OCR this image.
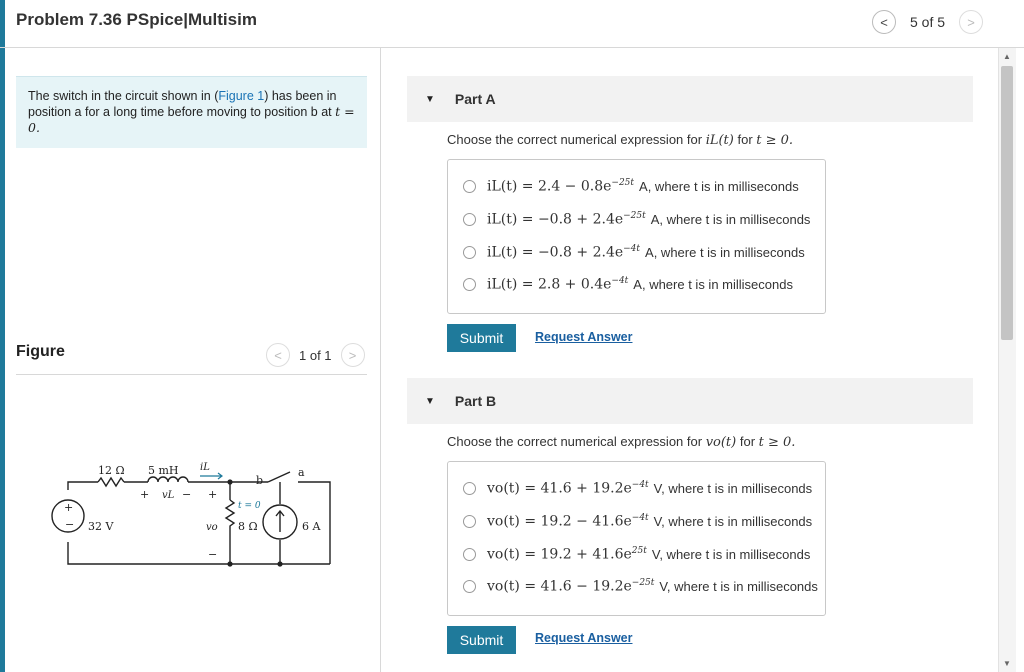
Problem 7.36 PSpice|Multisim	< 5 of 5 >
The switch in the circuit shown in (Figure 1) has been in position a for a long time before moving to position b at t = 0.
Figure	< 1 of 1 >
+
−
12 Ω 5 mH iL
+ vL −
32 V
+
vo
−
8 Ω
t = 0
b
a
6 A
▼ Part A
Choose the correct numerical expression for iL(t) for t ≥ 0.
$iL(t) = 2.4 - 0.8e^{-25t}$ A, where t is in milliseconds
$iL(t) = -0.8 + 2.4e^{-25t}$ A, where t is in milliseconds
$iL(t) = -0.8 + 2.4e^{-4t}$ A, where t is in milliseconds
$iL(t) = 2.8 + 0.4e^{-4t}$ A, where t is in milliseconds
Submit	Request Answer
▼ Part B
Choose the correct numerical expression for vo(t) for t ≥ 0.
$vo(t) = 41.6 + 19.2e^{-4t}$ V, where t is in milliseconds
$vo(t) = 19.2 - 41.6e^{-4t}$ V, where t is in milliseconds
$vo(t) = 19.2 + 41.6e^{25t}$ V, where t is in milliseconds
$vo(t) = 41.6 - 19.2e^{-25t}$ V, where t is in milliseconds
Submit	Request Answer
▲
▼
